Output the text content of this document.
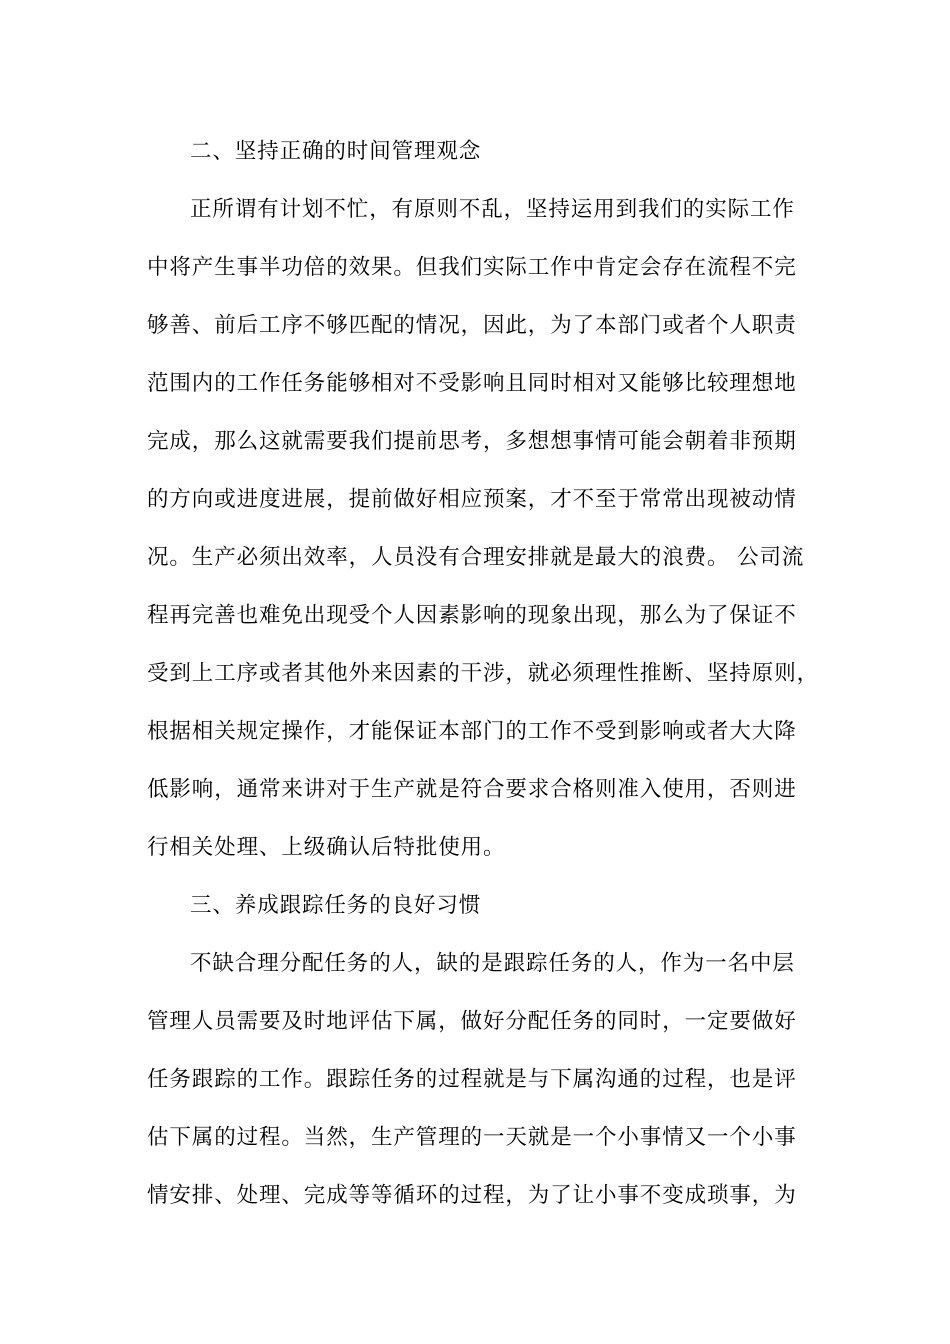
二、坚持正确的时间管理观念
正所谓有计划不忙，有原则不乱，坚持运用到我们的实际工作
中将产生事半功倍的效果。但我们实际工作中肯定会存在流程不完
够善、前后工序不够匹配的情况，因此，为了本部门或者个人职责
范围内的工作任务能够相对不受影响且同时相对又能够比较理想地
完成，那么这就需要我们提前思考，多想想事情可能会朝着非预期
的方向或进度进展，提前做好相应预案，才不至于常常出现被动情
况。生产必须出效率，人员没有合理安排就是最大的浪费。 公司流
程再完善也难免出现受个人因素影响的现象出现，那么为了保证不
受到上工序或者其他外来因素的干涉，就必须理性推断、坚持原则，
根据相关规定操作，才能保证本部门的工作不受到影响或者大大降
低影响，通常来讲对于生产就是符合要求合格则准入使用，否则进
行相关处理、上级确认后特批使用。
三、养成跟踪任务的良好习惯
不缺合理分配任务的人，缺的是跟踪任务的人，作为一名中层
管理人员需要及时地评估下属，做好分配任务的同时，一定要做好
任务跟踪的工作。跟踪任务的过程就是与下属沟通的过程，也是评
估下属的过程。当然，生产管理的一天就是一个小事情又一个小事
情安排、处理、完成等等循环的过程，为了让小事不变成琐事，为
